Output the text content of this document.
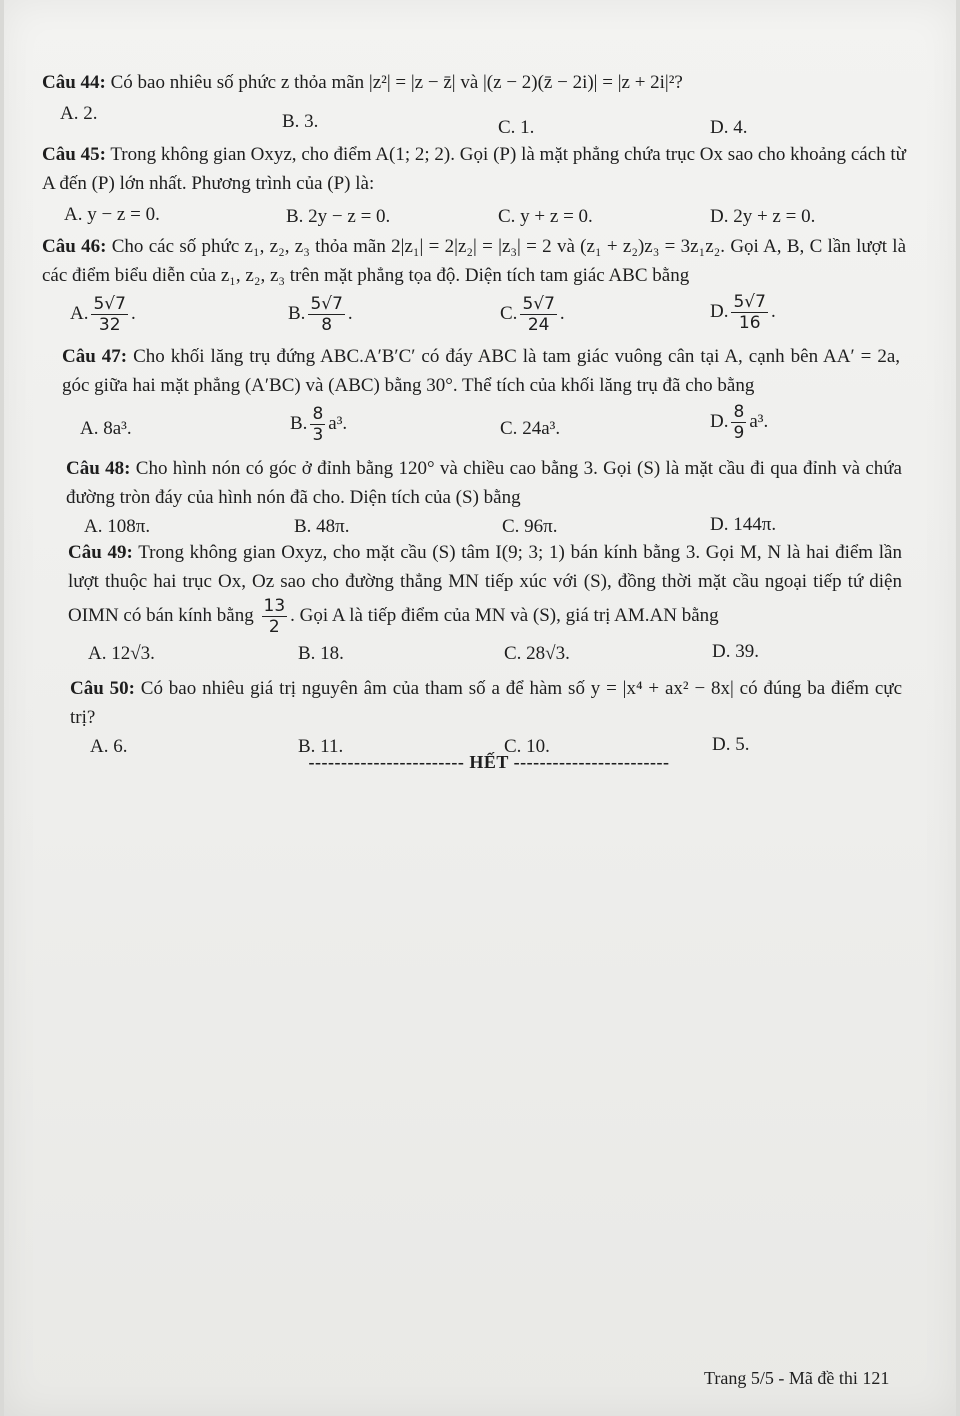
Câu 44: Có bao nhiêu số phức z thỏa mãn |z²| = |z − z̄| và |(z − 2)(z̄ − 2i)| = |z + 2i|²?
A. 2.	B. 3.	C. 1.	D. 4.
Câu 45: Trong không gian Oxyz, cho điểm A(1; 2; 2). Gọi (P) là mặt phẳng chứa trục Ox sao cho khoảng cách từ A đến (P) lớn nhất. Phương trình của (P) là:
A. y − z = 0.	B. 2y − z = 0.	C. y + z = 0.	D. 2y + z = 0.
Câu 46: Cho các số phức z₁, z₂, z₃ thỏa mãn 2|z₁| = 2|z₂| = |z₃| = 2 và (z₁ + z₂)z₃ = 3z₁z₂. Gọi A, B, C lần lượt là các điểm biểu diễn của z₁, z₂, z₃ trên mặt phẳng tọa độ. Diện tích tam giác ABC bằng
A. $\frac{5√7}{32}$ .	B. $\frac{5√7}{8}$ .	C. $\frac{5√7}{24}$ .	D. $\frac{5√7}{16}$ .
Câu 47: Cho khối lăng trụ đứng ABC.A′B′C′ có đáy ABC là tam giác vuông cân tại A, cạnh bên AA′ = 2a, góc giữa hai mặt phẳng (A′BC) và (ABC) bằng 30°. Thể tích của khối lăng trụ đã cho bằng
A. 8a³.	B. $\frac{8}{3} a^3$.	C. 24a³.	D. $\frac{8}{9} a^3$.
Câu 48: Cho hình nón có góc ở đỉnh bằng 120° và chiều cao bằng 3. Gọi (S) là mặt cầu đi qua đỉnh và chứa đường tròn đáy của hình nón đã cho. Diện tích của (S) bằng
A. 108π.	B. 48π.	C. 96π.	D. 144π.
Câu 49: Trong không gian Oxyz, cho mặt cầu (S) tâm I(9; 3; 1) bán kính bằng 3. Gọi M, N là hai điểm lần lượt thuộc hai trục Ox, Oz sao cho đường thẳng MN tiếp xúc với (S), đồng thời mặt cầu ngoại tiếp tứ diện OIMN có bán kính bằng $\frac{13}{2}$ . Gọi A là tiếp điểm của MN và (S), giá trị AM.AN bằng
A. 12√3.	B. 18.	C. 28√3.	D. 39.
Câu 50: Có bao nhiêu giá trị nguyên âm của tham số a để hàm số y = |x⁴ + ax² − 8x| có đúng ba điểm cực trị?
A. 6.	B. 11.	C. 10.	D. 5.
------------------------ HẾT ------------------------
Trang 5/5 - Mã đề thi 121
